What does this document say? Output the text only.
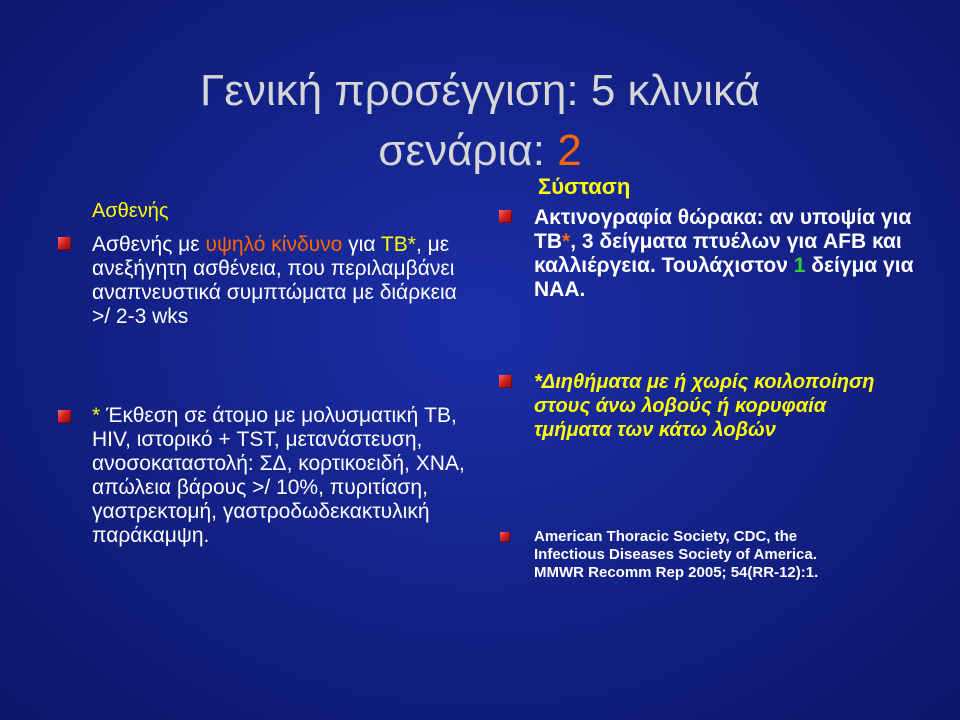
Γενική προσέγγιση: 5 κλινικά
σενάρια: 2
Ασθενής

Ασθενής με υψηλό κίνδυνο για ΤΒ*, με ανεξήγητη ασθένεια, που περιλαμβάνει αναπνευστικά συμπτώματα με διάρκεια >/ 2-3 wks

* Έκθεση σε άτομο με μολυσματική TB, HIV, ιστορικό + TST, μετανάστευση, ανοσοκαταστολή: ΣΔ, κορτικοειδή, ΧΝΑ, απώλεια βάρους >/ 10%, πυριτίαση, γαστρεκτομή, γαστροδωδεκακτυλική παράκαμψη.

Σύσταση

Ακτινογραφία θώρακα: αν υποψία για TB*, 3 δείγματα πτυέλων για AFB και καλλιέργεια. Τουλάχιστον 1 δείγμα για NAA.

*Διηθήματα με ή χωρίς κοιλοποίηση στους άνω λοβούς ή κορυφαία τμήματα των κάτω λοβών

American Thoracic Society, CDC, the
Infectious Diseases Society of America.
MMWR Recomm Rep 2005; 54(RR-12):1.
